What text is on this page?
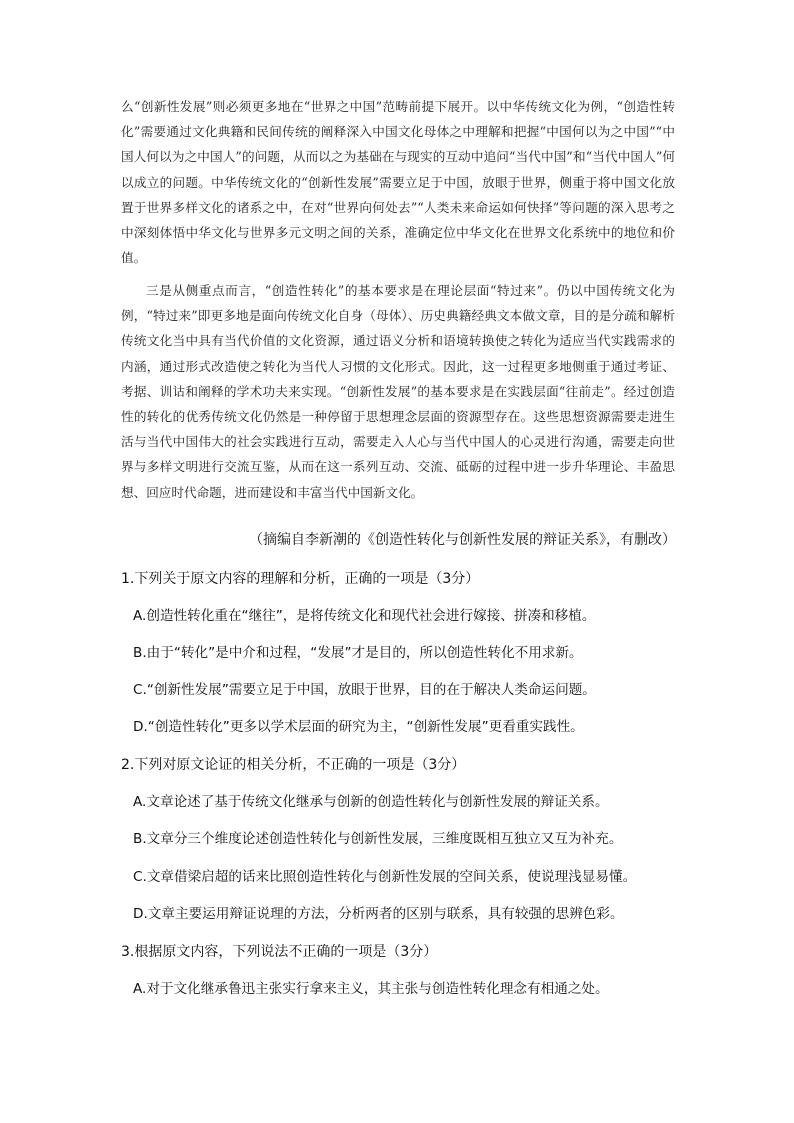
么“创新性发展”则必须更多地在“世界之中国”范畴前提下展开。以中华传统文化为例，“创造性转化”需要通过文化典籍和民间传统的阐释深入中国文化母体之中理解和把握“中国何以为之中国”“中国人何以为之中国人”的问题，从而以之为基础在与现实的互动中追问“当代中国”和“当代中国人”何以成立的问题。中华传统文化的“创新性发展”需要立足于中国，放眼于世界，侧重于将中国文化放置于世界多样文化的诸系之中，在对“世界向何处去”“人类未来命运如何快择”等问题的深入思考之中深刻体悟中华文化与世界多元文明之间的关系，准确定位中华文化在世界文化系统中的地位和价值。

三是从侧重点而言，“创造性转化”的基本要求是在理论层面“特过来”。仍以中国传统文化为例，“特过来”即更多地是面向传统文化自身（母体）、历史典籍经典文本做文章，目的是分疏和解析传统文化当中具有当代价值的文化资源，通过语义分析和语境转换使之转化为适应当代实践需求的内涵，通过形式改造使之转化为当代人习惯的文化形式。因此，这一过程更多地侧重于通过考证、考据、训诂和阐释的学术功夫来实现。“创新性发展”的基本要求是在实践层面“往前走”。经过创造性的转化的优秀传统文化仍然是一种停留于思想理念层面的资源型存在。这些思想资源需要走进生活与当代中国伟大的社会实践进行互动，需要走入人心与当代中国人的心灵进行沟通，需要走向世界与多样文明进行交流互鉴，从而在这一系列互动、交流、砥砺的过程中进一步升华理论、丰盈思想、回应时代命题，进而建设和丰富当代中国新文化。

（摘编自李新潮的《创造性转化与创新性发展的辩证关系》，有删改）
1.下列关于原文内容的理解和分析，正确的一项是（3分）
A.创造性转化重在“继往”，是将传统文化和现代社会进行嫁接、拼凑和移植。
B.由于“转化”是中介和过程，“发展”才是目的，所以创造性转化不用求新。
C.“创新性发展”需要立足于中国，放眼于世界，目的在于解决人类命运问题。
D.“创造性转化”更多以学术层面的研究为主，“创新性发展”更看重实践性。
2.下列对原文论证的相关分析，不正确的一项是（3分）
A.文章论述了基于传统文化继承与创新的创造性转化与创新性发展的辩证关系。
B.文章分三个维度论述创造性转化与创新性发展，三维度既相互独立又互为补充。
C.文章借梁启超的话来比照创造性转化与创新性发展的空间关系，使说理浅显易懂。
D.文章主要运用辩证说理的方法，分析两者的区别与联系，具有较强的思辨色彩。
3.根据原文内容，下列说法不正确的一项是（3分）
A.对于文化继承鲁迅主张实行拿来主义，其主张与创造性转化理念有相通之处。
